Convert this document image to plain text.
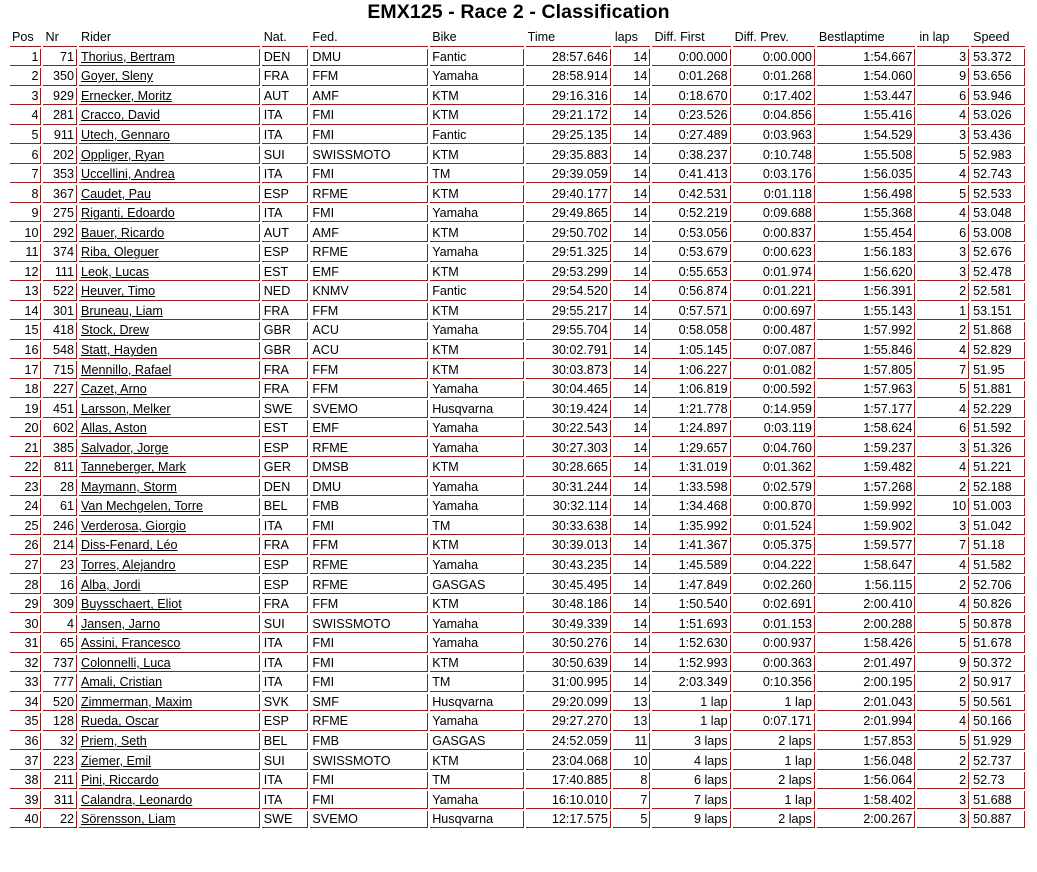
EMX125 - Race 2 - Classification
Pos	Nr	Rider	Nat.	Fed.	Bike	Time	laps	Diff. First	Diff. Prev.	Bestlaptime	in lap	Speed
1	71	Thorius, Bertram	DEN	DMU	Fantic	28:57.646	14	0:00.000	0:00.000	1:54.667	3	53.372
2	350	Goyer, Sleny	FRA	FFM	Yamaha	28:58.914	14	0:01.268	0:01.268	1:54.060	9	53.656
3	929	Ernecker, Moritz	AUT	AMF	KTM	29:16.316	14	0:18.670	0:17.402	1:53.447	6	53.946
4	281	Cracco, David	ITA	FMI	KTM	29:21.172	14	0:23.526	0:04.856	1:55.416	4	53.026
5	911	Utech, Gennaro	ITA	FMI	Fantic	29:25.135	14	0:27.489	0:03.963	1:54.529	3	53.436
6	202	Oppliger, Ryan	SUI	SWISSMOTO	KTM	29:35.883	14	0:38.237	0:10.748	1:55.508	5	52.983
7	353	Uccellini, Andrea	ITA	FMI	TM	29:39.059	14	0:41.413	0:03.176	1:56.035	4	52.743
8	367	Caudet, Pau	ESP	RFME	KTM	29:40.177	14	0:42.531	0:01.118	1:56.498	5	52.533
9	275	Riganti, Edoardo	ITA	FMI	Yamaha	29:49.865	14	0:52.219	0:09.688	1:55.368	4	53.048
10	292	Bauer, Ricardo	AUT	AMF	KTM	29:50.702	14	0:53.056	0:00.837	1:55.454	6	53.008
11	374	Riba, Oleguer	ESP	RFME	Yamaha	29:51.325	14	0:53.679	0:00.623	1:56.183	3	52.676
12	111	Leok, Lucas	EST	EMF	KTM	29:53.299	14	0:55.653	0:01.974	1:56.620	3	52.478
13	522	Heuver, Timo	NED	KNMV	Fantic	29:54.520	14	0:56.874	0:01.221	1:56.391	2	52.581
14	301	Bruneau, Liam	FRA	FFM	KTM	29:55.217	14	0:57.571	0:00.697	1:55.143	1	53.151
15	418	Stock, Drew	GBR	ACU	Yamaha	29:55.704	14	0:58.058	0:00.487	1:57.992	2	51.868
16	548	Statt, Hayden	GBR	ACU	KTM	30:02.791	14	1:05.145	0:07.087	1:55.846	4	52.829
17	715	Mennillo, Rafael	FRA	FFM	KTM	30:03.873	14	1:06.227	0:01.082	1:57.805	7	51.95
18	227	Cazet, Arno	FRA	FFM	Yamaha	30:04.465	14	1:06.819	0:00.592	1:57.963	5	51.881
19	451	Larsson, Melker	SWE	SVEMO	Husqvarna	30:19.424	14	1:21.778	0:14.959	1:57.177	4	52.229
20	602	Allas, Aston	EST	EMF	Yamaha	30:22.543	14	1:24.897	0:03.119	1:58.624	6	51.592
21	385	Salvador, Jorge	ESP	RFME	Yamaha	30:27.303	14	1:29.657	0:04.760	1:59.237	3	51.326
22	811	Tanneberger, Mark	GER	DMSB	KTM	30:28.665	14	1:31.019	0:01.362	1:59.482	4	51.221
23	28	Maymann, Storm	DEN	DMU	Yamaha	30:31.244	14	1:33.598	0:02.579	1:57.268	2	52.188
24	61	Van Mechgelen, Torre	BEL	FMB	Yamaha	30:32.114	14	1:34.468	0:00.870	1:59.992	10	51.003
25	246	Verderosa, Giorgio	ITA	FMI	TM	30:33.638	14	1:35.992	0:01.524	1:59.902	3	51.042
26	214	Diss-Fenard, Léo	FRA	FFM	KTM	30:39.013	14	1:41.367	0:05.375	1:59.577	7	51.18
27	23	Torres, Alejandro	ESP	RFME	Yamaha	30:43.235	14	1:45.589	0:04.222	1:58.647	4	51.582
28	16	Alba, Jordi	ESP	RFME	GASGAS	30:45.495	14	1:47.849	0:02.260	1:56.115	2	52.706
29	309	Buysschaert, Eliot	FRA	FFM	KTM	30:48.186	14	1:50.540	0:02.691	2:00.410	4	50.826
30	4	Jansen, Jarno	SUI	SWISSMOTO	Yamaha	30:49.339	14	1:51.693	0:01.153	2:00.288	5	50.878
31	65	Assini, Francesco	ITA	FMI	Yamaha	30:50.276	14	1:52.630	0:00.937	1:58.426	5	51.678
32	737	Colonnelli, Luca	ITA	FMI	KTM	30:50.639	14	1:52.993	0:00.363	2:01.497	9	50.372
33	777	Amali, Cristian	ITA	FMI	TM	31:00.995	14	2:03.349	0:10.356	2:00.195	2	50.917
34	520	Zimmerman, Maxim	SVK	SMF	Husqvarna	29:20.099	13	1 lap	1 lap	2:01.043	5	50.561
35	128	Rueda, Oscar	ESP	RFME	Yamaha	29:27.270	13	1 lap	0:07.171	2:01.994	4	50.166
36	32	Priem, Seth	BEL	FMB	GASGAS	24:52.059	11	3 laps	2 laps	1:57.853	5	51.929
37	223	Ziemer, Emil	SUI	SWISSMOTO	KTM	23:04.068	10	4 laps	1 lap	1:56.048	2	52.737
38	211	Pini, Riccardo	ITA	FMI	TM	17:40.885	8	6 laps	2 laps	1:56.064	2	52.73
39	311	Calandra, Leonardo	ITA	FMI	Yamaha	16:10.010	7	7 laps	1 lap	1:58.402	3	51.688
40	22	Sörensson, Liam	SWE	SVEMO	Husqvarna	12:17.575	5	9 laps	2 laps	2:00.267	3	50.887
